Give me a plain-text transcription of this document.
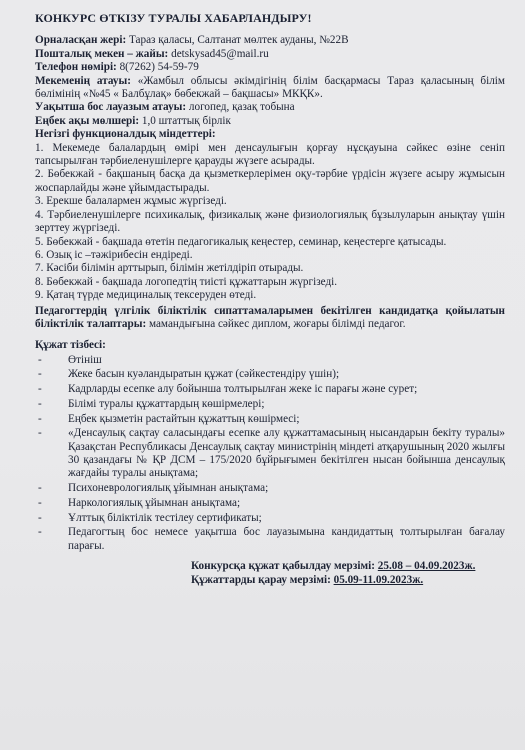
КОНКУРС ӨТКІЗУ ТУРАЛЫ ХАБАРЛАНДЫРУ!

Орналасқан жері: Тараз қаласы, Салтанат мөлтек ауданы, №22В

Пошталық мекен – жайы: detskysad45@mail.ru

Телефон нөмірі: 8(7262) 54-59-79

Мекеменің атауы: «Жамбыл облысы әкімдігінің білім басқармасы Тараз қаласының білім бөлімінің «№45 « Балбұлақ» бөбекжай – бақшасы» МКҚК».

Уақытша бос лауазым атауы: логопед, қазақ тобына

Еңбек ақы мөлшері: 1,0 штаттық бірлік

Негізгі функционалдық міндеттері:

1. Мекемеде балалардың өмірі мен денсаулығын қорғау нұсқауына сәйкес өзіне сеніп тапсырылған тәрбиеленушілерге қарауды жүзеге асырады.

2. Бөбекжай - бақшаның басқа да қызметкерлерімен оқу-тәрбие үрдісін жүзеге асыру жұмысын жоспарлайды және ұйымдастырады.

3. Ерекше балалармен жұмыс жүргізеді.

4. Тәрбиеленушілерге психикалық, физикалық және физиологиялық бұзылуларын анықтау үшін зерттеу жүргізеді.

5. Бөбекжай - бақшада өтетін педагогикалық кеңестер, семинар, кеңестерге қатысады.

6. Озық іс –тәжірибесін ендіреді.

7. Кәсіби білімін арттырып, білімін жетілдіріп отырады.

8. Бөбекжай - бақшада логопедтің тиісті құжаттарын жүргізеді.

9. Қатаң түрде медициналық тексеруден өтеді.

Педагогтердің үлгілік біліктілік сипаттамаларымен бекітілген кандидатқа қойылатын біліктілік талаптары: мамандығына сәйкес диплом, жоғары білімді педагог.

Құжат тізбесі:

- Өтініш
- Жеке басын куәландыратын құжат (сәйкестендіру үшін);
- Кадрларды есепке алу бойынша толтырылған жеке іс парағы және сурет;
- Білімі туралы құжаттардың көшірмелері;
- Еңбек қызметін растайтын құжаттың көшірмесі;
- «Денсаулық сақтау саласындағы есепке алу құжаттамасының нысандарын бекіту туралы» Қазақстан Республикасы Денсаулық сақтау министрінің міндеті атқарушының 2020 жылғы 30 қазандағы № ҚР ДСМ – 175/2020 бұйрығымен бекітілген нысан бойынша денсаулық жағдайы туралы анықтама;
- Психоневрологиялық ұйымнан анықтама;
- Наркологиялық ұйымнан анықтама;
- Ұлттық біліктілік тестілеу сертификаты;
- Педагогтың бос немесе уақытша бос лауазымына кандидаттың толтырылған бағалау парағы.

Конкурсқа құжат қабылдау мерзімі: 25.08 – 04.09.2023ж.

Құжаттарды қарау мерзімі: 05.09-11.09.2023ж.
